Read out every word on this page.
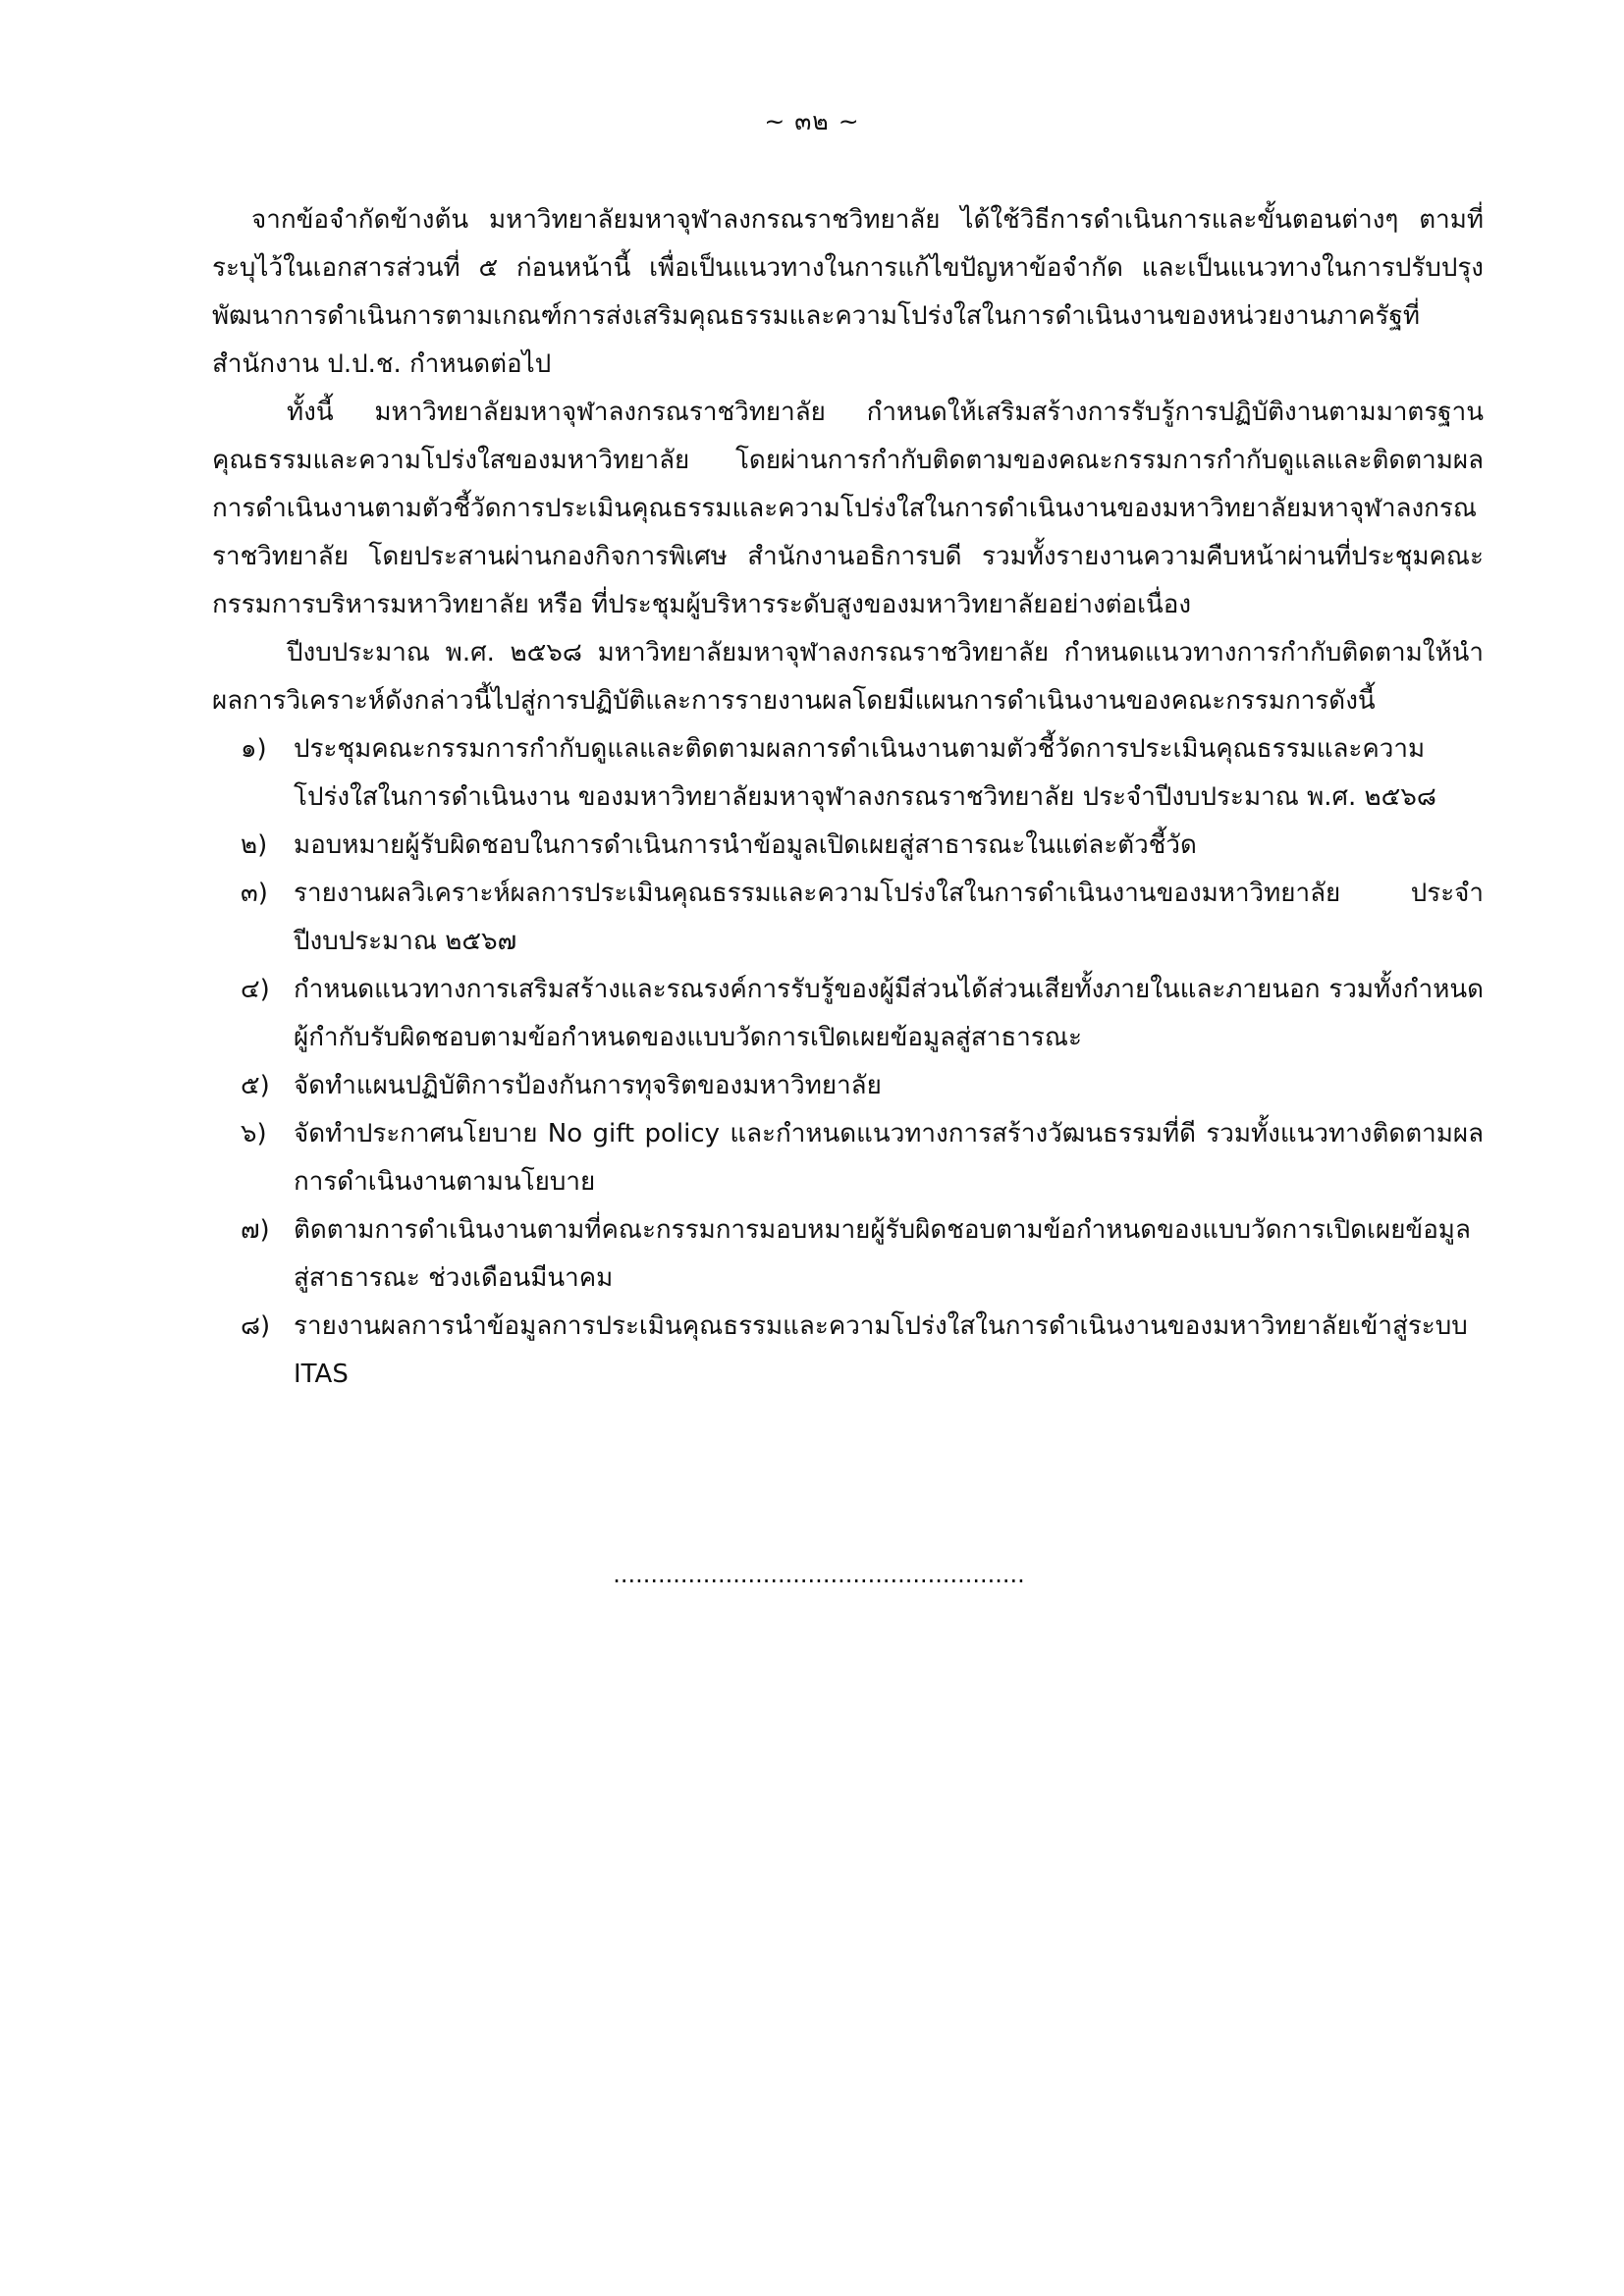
~ ๓๒ ~

จากข้อจำกัดข้างต้น มหาวิทยาลัยมหาจุฬาลงกรณราชวิทยาลัย ได้ใช้วิธีการดำเนินการและขั้นตอนต่างๆ ตามที่ระบุไว้ในเอกสารส่วนที่ ๕ ก่อนหน้านี้ เพื่อเป็นแนวทางในการแก้ไขปัญหาข้อจำกัด และเป็นแนวทางในการปรับปรุงพัฒนาการดำเนินการตามเกณฑ์การส่งเสริมคุณธรรมและความโปร่งใสในการดำเนินงานของหน่วยงานภาครัฐที่สำนักงาน ป.ป.ช. กำหนดต่อไป

ทั้งนี้ มหาวิทยาลัยมหาจุฬาลงกรณราชวิทยาลัย กำหนดให้เสริมสร้างการรับรู้การปฏิบัติงานตามมาตรฐานคุณธรรมและความโปร่งใสของมหาวิทยาลัย โดยผ่านการกำกับติดตามของคณะกรรมการกำกับดูแลและติดตามผลการดำเนินงานตามตัวชี้วัดการประเมินคุณธรรมและความโปร่งใสในการดำเนินงานของมหาวิทยาลัยมหาจุฬาลงกรณราชวิทยาลัย โดยประสานผ่านกองกิจการพิเศษ สำนักงานอธิการบดี รวมทั้งรายงานความคืบหน้าผ่านที่ประชุมคณะกรรมการบริหารมหาวิทยาลัย หรือ ที่ประชุมผู้บริหารระดับสูงของมหาวิทยาลัยอย่างต่อเนื่อง

ปีงบประมาณ พ.ศ. ๒๕๖๘ มหาวิทยาลัยมหาจุฬาลงกรณราชวิทยาลัย กำหนดแนวทางการกำกับติดตามให้นำผลการวิเคราะห์ดังกล่าวนี้ไปสู่การปฏิบัติและการรายงานผลโดยมีแผนการดำเนินงานของคณะกรรมการดังนี้

๑) ประชุมคณะกรรมการกำกับดูแลและติดตามผลการดำเนินงานตามตัวชี้วัดการประเมินคุณธรรมและความโปร่งใสในการดำเนินงาน ของมหาวิทยาลัยมหาจุฬาลงกรณราชวิทยาลัย ประจำปีงบประมาณ พ.ศ. ๒๕๖๘
๒) มอบหมายผู้รับผิดชอบในการดำเนินการนำข้อมูลเปิดเผยสู่สาธารณะในแต่ละตัวชี้วัด
๓) รายงานผลวิเคราะห์ผลการประเมินคุณธรรมและความโปร่งใสในการดำเนินงานของมหาวิทยาลัย ประจำปีงบประมาณ ๒๕๖๗
๔) กำหนดแนวทางการเสริมสร้างและรณรงค์การรับรู้ของผู้มีส่วนได้ส่วนเสียทั้งภายในและภายนอก รวมทั้งกำหนดผู้กำกับรับผิดชอบตามข้อกำหนดของแบบวัดการเปิดเผยข้อมูลสู่สาธารณะ
๕) จัดทำแผนปฏิบัติการป้องกันการทุจริตของมหาวิทยาลัย
๖) จัดทำประกาศนโยบาย No gift policy และกำหนดแนวทางการสร้างวัฒนธรรมที่ดี รวมทั้งแนวทางติดตามผลการดำเนินงานตามนโยบาย
๗) ติดตามการดำเนินงานตามที่คณะกรรมการมอบหมายผู้รับผิดชอบตามข้อกำหนดของแบบวัดการเปิดเผยข้อมูลสู่สาธารณะ ช่วงเดือนมีนาคม
๘) รายงานผลการนำข้อมูลการประเมินคุณธรรมและความโปร่งใสในการดำเนินงานของมหาวิทยาลัยเข้าสู่ระบบ ITAS
.......................................................
